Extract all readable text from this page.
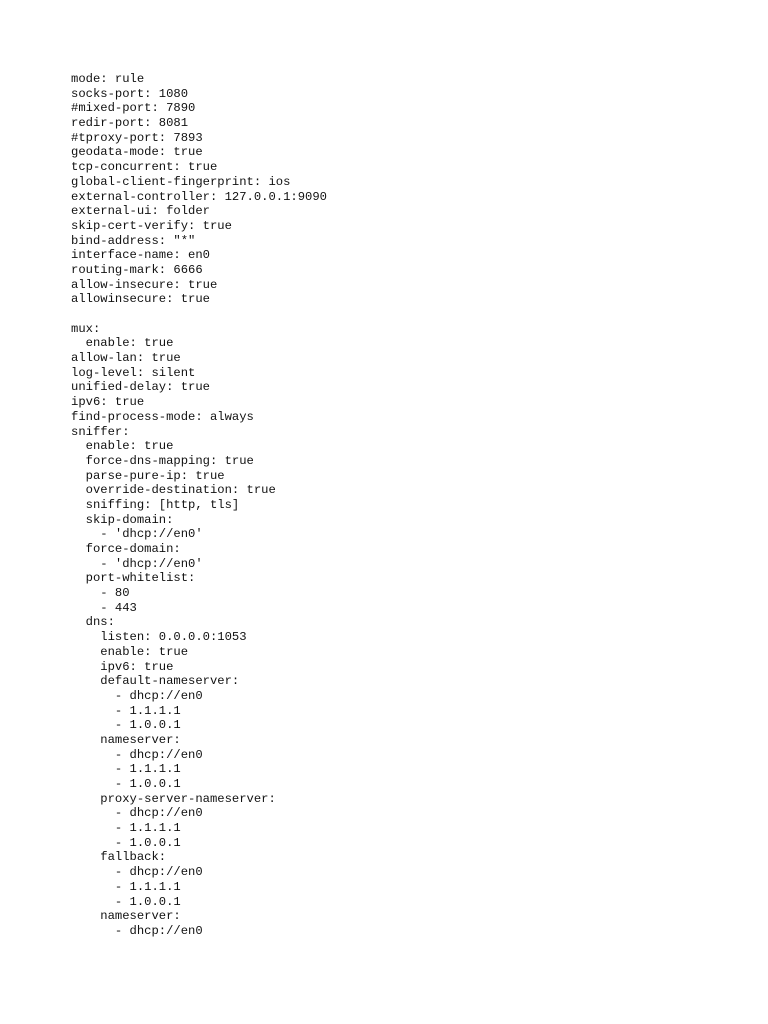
mode: rule
socks-port: 1080
#mixed-port: 7890
redir-port: 8081
#tproxy-port: 7893
geodata-mode: true
tcp-concurrent: true
global-client-fingerprint: ios
external-controller: 127.0.0.1:9090
external-ui: folder
skip-cert-verify: true
bind-address: "*"
interface-name: en0
routing-mark: 6666
allow-insecure: true
allowinsecure: true
mux:
enable: true
allow-lan: true
log-level: silent
unified-delay: true
ipv6: true
find-process-mode: always
sniffer:
enable: true
force-dns-mapping: true
parse-pure-ip: true
override-destination: true
sniffing: [http, tls]
skip-domain:
- 'dhcp://en0'
force-domain:
- 'dhcp://en0'
port-whitelist:
- 80
- 443
dns:
listen: 0.0.0.0:1053
enable: true
ipv6: true
default-nameserver:
- dhcp://en0
- 1.1.1.1
- 1.0.0.1
nameserver:
- dhcp://en0
- 1.1.1.1
- 1.0.0.1
proxy-server-nameserver:
- dhcp://en0
- 1.1.1.1
- 1.0.0.1
fallback:
- dhcp://en0
- 1.1.1.1
- 1.0.0.1
nameserver:
- dhcp://en0
